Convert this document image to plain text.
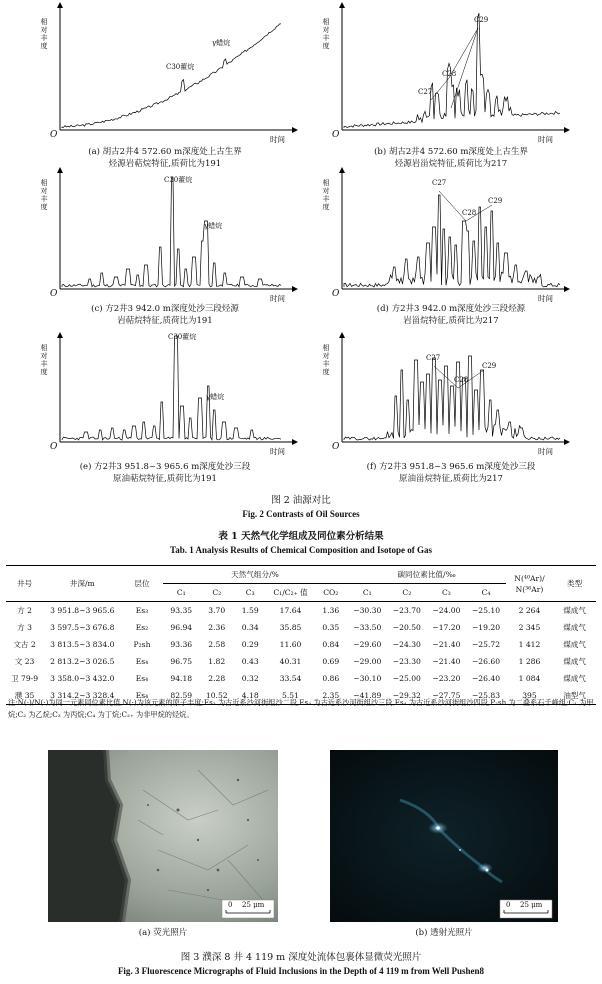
相对丰度
时间
O
C30藿烷
γ蜡烷
(a) 胡古2井4 572.60 m深度处上古生界
烃源岩萜烷特征,质荷比为191
相对丰度
时间
O
C27
C28
C29
(b) 胡古2井4 572.60 m深度处上古生界
烃源岩甾烷特征,质荷比为217
相对丰度
时间
O
C30藿烷
γ蜡烷
(c) 方2井3 942.0 m深度处沙三段烃源
岩萜烷特征,质荷比为191
相对丰度
时间
O
C27
C28
C29
(d) 方2井3 942.0 m深度处沙三段烃源
岩甾烷特征,质荷比为217
相对丰度
时间
O
C30藿烷
γ蜡烷
(e) 方2井3 951.8~3 965.6 m深度处沙三段
原油萜烷特征,质荷比为191
相对丰度
时间
O
C27
C28
C29
(f) 方2井3 951.8~3 965.6 m深度处沙三段
原油甾烷特征,质荷比为217
图 2 油源对比
Fig. 2 Contrasts of Oil Sources
表 1 天然气化学组成及同位素分析结果
Tab. 1 Analysis Results of Chemical Composition and Isotope of Gas
井号	井深/m	层位	天然气组分/%					碳同位素比值/‰				N(⁴⁰Ar)/
N(³⁶Ar)	类型
			C₁	C₂	C₃	C₁/C₂₊ 值	CO₂	C₁	C₂	C₃	C₄		
方 2	3 951.8~3 965.6	Es₃	93.35	3.70	1.59	17.64	1.36	−30.30	−23.70	−24.00	−25.10	2 264	煤成气
方 3	3 597.5~3 676.8	Es₂	96.94	2.36	0.34	35.85	0.35	−33.50	−20.50	−17.20	−19.20	2 345	煤成气
文古 2	3 813.5~3 834.0	P₂sh	93.36	2.58	0.29	11.60	0.84	−29.60	−24.30	−21.40	−25.72	1 412	煤成气
文 23	2 813.2~3 026.5	Es₄	96.75	1.82	0.43	40.31	0.69	−29.00	−23.30	−21.40	−26.60	1 286	煤成气
卫 79-9	3 358.0~3 432.0	Es₄	94.18	2.28	0.32	33.54	0.86	−30.10	−25.00	−23.20	−26.40	1 084	煤成气
濮 35	3 314.2~3 328.4	Es₄	82.59	10.52	4.18	5.51	2.35	−41.89	−29.32	−27.75	−25.83	395	油型气
注:N(·)/N(·)为同一元素同位素比值,N(·)为该元素的原子丰度;Es₂ 为古近系沙河街组沙二段,Es₃ 为古近系沙河街组沙三段,Es₄ 为古近系沙河街组沙四段,P₂sh 为二叠系石千峰组;C₁ 为甲烷;C₂ 为乙烷;C₃ 为丙烷;C₄ 为丁烷;C₂₊ 为非甲烷的烃烷。
0 25 μm	0 25 μm
(a) 荧光照片	(b) 透射光照片
图 3 濮深 8 井 4 119 m 深度处流体包裹体显微荧光照片
Fig. 3 Fluorescence Micrographs of Fluid Inclusions in the Depth of 4 119 m from Well Pushen8
